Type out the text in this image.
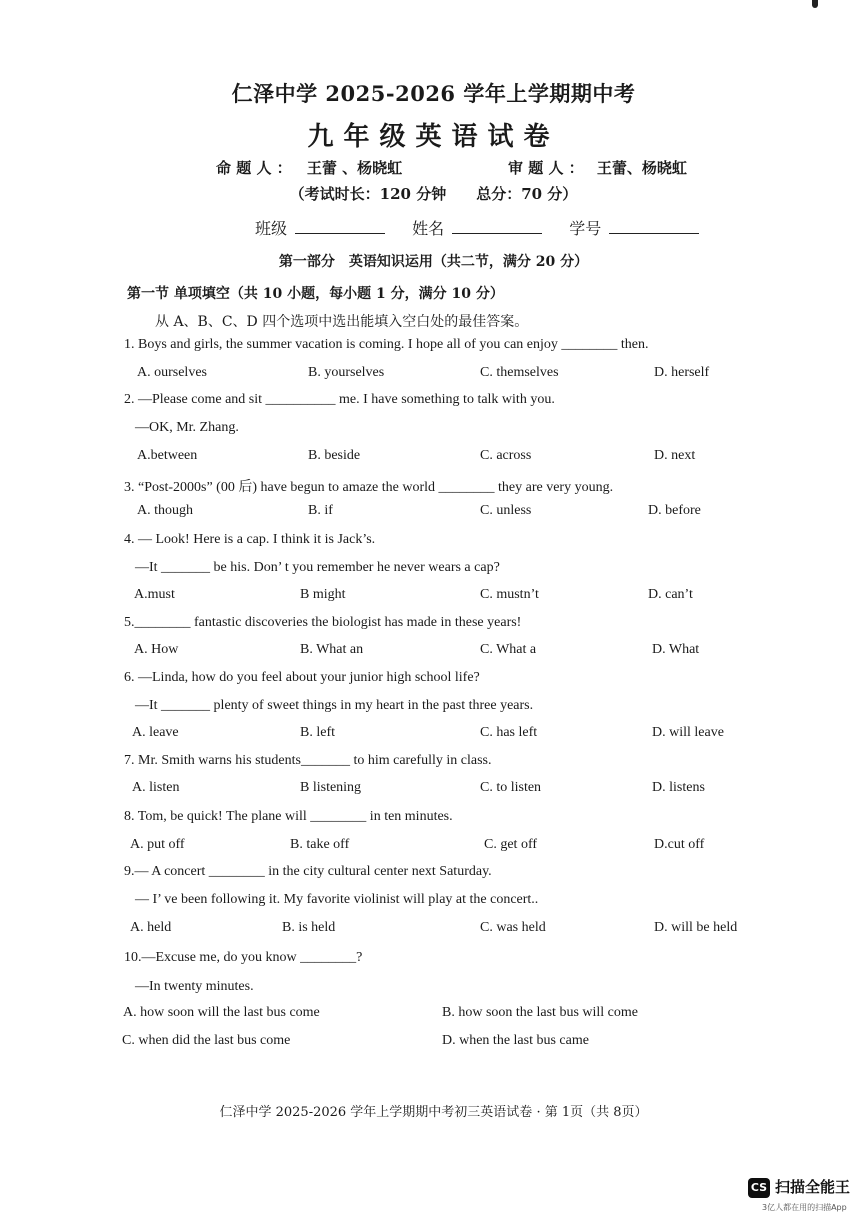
仁泽中学 2025-2026 学年上学期期中考
九年级英语试卷
命 题 人 ： 王蕾 、杨晓虹	审 题 人 ： 王蕾、杨晓虹
（考试时长：120 分钟　　总分：70 分）
班级	姓名	学号
第一部分　英语知识运用（共二节，满分 20 分）
第一节 单项填空（共 10 小题，每小题 1 分，满分 10 分）
从 A、B、C、D 四个选项中选出能填入空白处的最佳答案。
1. Boys and girls, the summer vacation is coming. I hope all of you can enjoy ________ then.
A. ourselves	B. yourselves	C. themselves	D. herself
2. —Please come and sit __________ me. I have something to talk with you.
—OK, Mr. Zhang.
A.between	B. beside	C. across	D. next
3. “Post-2000s” (00 后) have begun to amaze the world ________ they are very young.
A. though	B. if	C. unless	D. before
4. — Look! Here is a cap. I think it is Jack’s.
—It _______ be his. Don’ t you remember he never wears a cap?
A.must	B might	C. mustn’t	D. can’t
5.________ fantastic discoveries the biologist has made in these years!
A. How	B. What an	C. What a	D. What
6. —Linda, how do you feel about your junior high school life?
—It _______ plenty of sweet things in my heart in the past three years.
A. leave	B. left	C. has left	D. will leave
7. Mr. Smith warns his students_______ to him carefully in class.
A. listen	B listening	C. to listen	D. listens
8. Tom, be quick! The plane will ________ in ten minutes.
A. put off	B. take off	C. get off	D.cut off
9.— A concert ________ in the city cultural center next Saturday.
— I’ ve been following it. My favorite violinist will play at the concert..
A. held	B. is held	C. was held	D. will be held
10.—Excuse me, do you know ________?
—In twenty minutes.
A. how soon will the last bus come	B. how soon the last bus will come
C. when did the last bus come	D. when the last bus came
仁泽中学 2025-2026 学年上学期期中考初三英语试卷 · 第 1页（共 8页）
CS 扫描全能王
3亿人都在用的扫描App
